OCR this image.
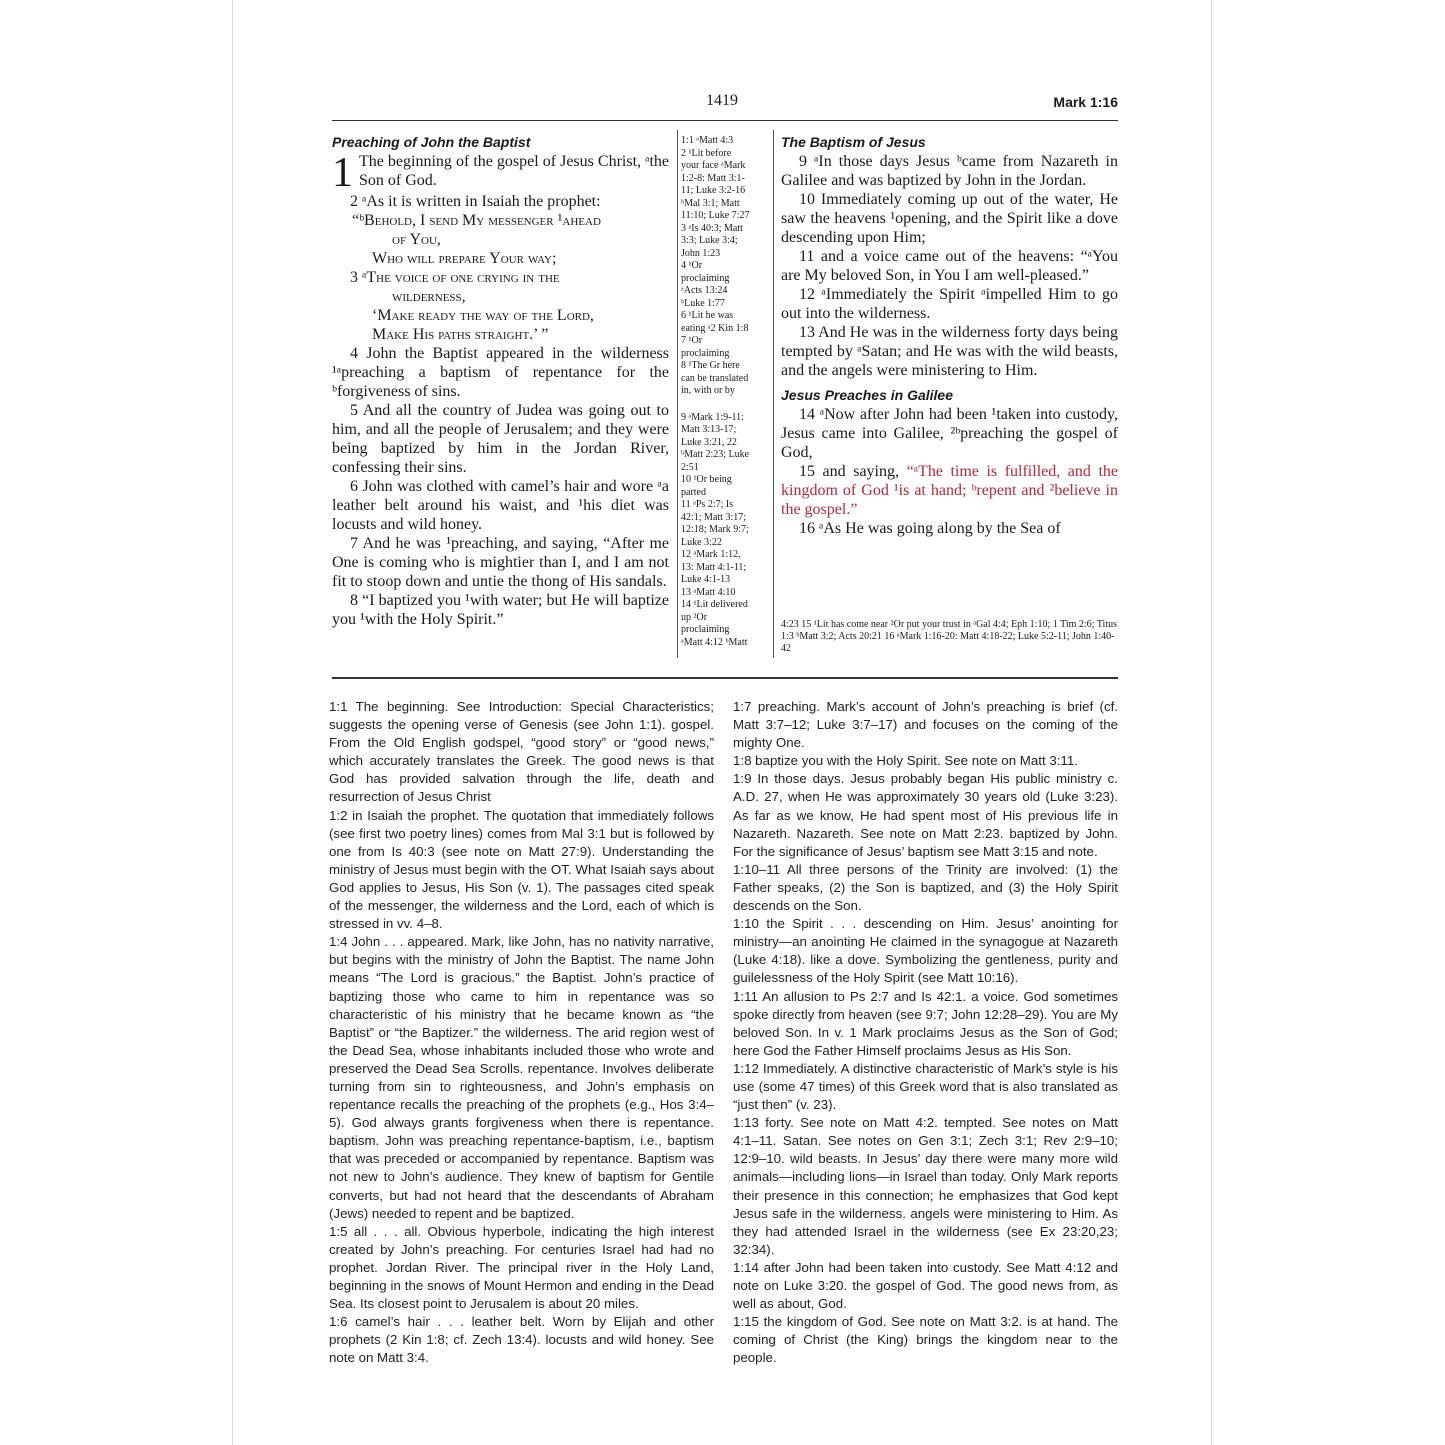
1419	Mark 1:16

Preaching of John the Baptist

1 The beginning of the gospel of Jesus Christ, ᵃthe Son of God.

2 ᵃAs it is written in Isaiah the prophet:

“ᵇBehold, I send My messenger ¹ahead

of You,

Who will prepare Your way;

3 ᵃThe voice of one crying in the

wilderness,

‘Make ready the way of the Lord,

Make His paths straight.’ ”

4 John the Baptist appeared in the wilderness ¹ᵃpreaching a baptism of repentance for the ᵇforgiveness of sins.

5 And all the country of Judea was going out to him, and all the people of Jerusalem; and they were being baptized by him in the Jordan River, confessing their sins.

6 John was clothed with camel’s hair and wore ᵃa leather belt around his waist, and ¹his diet was locusts and wild honey.

7 And he was ¹preaching, and saying, “After me One is coming who is mightier than I, and I am not fit to stoop down and untie the thong of His sandals.

8 “I baptized you ¹with water; but He will baptize you ¹with the Holy Spirit.”

1:1 ᵃMatt 4:3

2 ¹Lit before

your face ᵃMark

1:2-8: Matt 3:1-

11; Luke 3:2-16

ᵇMal 3:1; Matt

11:10; Luke 7:27

3 ᵃIs 40:3; Matt

3:3; Luke 3:4;

John 1:23

4 ¹Or

proclaiming

ᵃActs 13:24

ᵇLuke 1:77

6 ¹Lit he was

eating ᵃ2 Kin 1:8

7 ¹Or

proclaiming

8 ¹The Gr here

can be translated

in, with or by

9 ᵃMark 1:9-11:

Matt 3:13-17;

Luke 3:21, 22

ᵇMatt 2:23; Luke

2:51

10 ¹Or being

parted

11 ᵃPs 2:7; Is

42:1; Matt 3:17;

12:18; Mark 9:7;

Luke 3:22

12 ᵃMark 1:12,

13: Matt 4:1-11;

Luke 4:1-13

13 ᵃMatt 4:10

14 ¹Lit delivered

up ²Or

proclaiming

ᵃMatt 4:12 ᵇMatt

The Baptism of Jesus

9 ᵃIn those days Jesus ᵇcame from Nazareth in Galilee and was baptized by John in the Jordan.

10 Immediately coming up out of the water, He saw the heavens ¹opening, and the Spirit like a dove descending upon Him;

11 and a voice came out of the heavens: “ᵃYou are My beloved Son, in You I am well-pleased.”

12 ᵃImmediately the Spirit ᵃimpelled Him to go out into the wilderness.

13 And He was in the wilderness forty days being tempted by ᵃSatan; and He was with the wild beasts, and the angels were ministering to Him.

Jesus Preaches in Galilee

14 ᵃNow after John had been ¹taken into custody, Jesus came into Galilee, ²ᵇpreaching the gospel of God,

15 and saying, “ᵃThe time is fulfilled, and the kingdom of God ¹is at hand; ᵇrepent and ²believe in the gospel.”

16 ᵃAs He was going along by the Sea of

4:23 15 ¹Lit has come near ²Or put your trust in ᵃGal 4:4; Eph 1:10; 1 Tim 2:6; Titus 1:3 ᵇMatt 3:2; Acts 20:21 16 ᵃMark 1:16-20: Matt 4:18-22; Luke 5:2-11; John 1:40-42

1:1 The beginning. See Introduction: Special Characteristics; suggests the opening verse of Genesis (see John 1:1). gospel. From the Old English godspel, “good story” or “good news,” which accurately translates the Greek. The good news is that God has provided salvation through the life, death and resurrection of Jesus Christ

1:2 in Isaiah the prophet. The quotation that immediately follows (see first two poetry lines) comes from Mal 3:1 but is followed by one from Is 40:3 (see note on Matt 27:9). Understanding the ministry of Jesus must begin with the OT. What Isaiah says about God applies to Jesus, His Son (v. 1). The passages cited speak of the messenger, the wilderness and the Lord, each of which is stressed in vv. 4–8.

1:4 John . . . appeared. Mark, like John, has no nativity narrative, but begins with the ministry of John the Baptist. The name John means “The Lord is gracious.” the Baptist. John’s practice of baptizing those who came to him in repentance was so characteristic of his ministry that he became known as “the Baptist” or “the Baptizer.” the wilderness. The arid region west of the Dead Sea, whose inhabitants included those who wrote and preserved the Dead Sea Scrolls. repentance. Involves deliberate turning from sin to righteousness, and John’s emphasis on repentance recalls the preaching of the prophets (e.g., Hos 3:4–5). God always grants forgiveness when there is repentance. baptism. John was preaching repentance-baptism, i.e., baptism that was preceded or accompanied by repentance. Baptism was not new to John’s audience. They knew of baptism for Gentile converts, but had not heard that the descendants of Abraham (Jews) needed to repent and be baptized.

1:5 all . . . all. Obvious hyperbole, indicating the high interest created by John’s preaching. For centuries Israel had had no prophet. Jordan River. The principal river in the Holy Land, beginning in the snows of Mount Hermon and ending in the Dead Sea. Its closest point to Jerusalem is about 20 miles.

1:6 camel’s hair . . . leather belt. Worn by Elijah and other prophets (2 Kin 1:8; cf. Zech 13:4). locusts and wild honey. See note on Matt 3:4.

1:7 preaching. Mark’s account of John’s preaching is brief (cf. Matt 3:7–12; Luke 3:7–17) and focuses on the coming of the mighty One.

1:8 baptize you with the Holy Spirit. See note on Matt 3:11.

1:9 In those days. Jesus probably began His public ministry c. A.D. 27, when He was approximately 30 years old (Luke 3:23). As far as we know, He had spent most of His previous life in Nazareth. Nazareth. See note on Matt 2:23. baptized by John. For the significance of Jesus’ baptism see Matt 3:15 and note.

1:10–11 All three persons of the Trinity are involved: (1) the Father speaks, (2) the Son is baptized, and (3) the Holy Spirit descends on the Son.

1:10 the Spirit . . . descending on Him. Jesus’ anointing for ministry—an anointing He claimed in the synagogue at Nazareth (Luke 4:18). like a dove. Symbolizing the gentleness, purity and guilelessness of the Holy Spirit (see Matt 10:16).

1:11 An allusion to Ps 2:7 and Is 42:1. a voice. God sometimes spoke directly from heaven (see 9:7; John 12:28–29). You are My beloved Son. In v. 1 Mark proclaims Jesus as the Son of God; here God the Father Himself proclaims Jesus as His Son.

1:12 Immediately. A distinctive characteristic of Mark’s style is his use (some 47 times) of this Greek word that is also translated as “just then” (v. 23).

1:13 forty. See note on Matt 4:2. tempted. See notes on Matt 4:1–11. Satan. See notes on Gen 3:1; Zech 3:1; Rev 2:9–10; 12:9–10. wild beasts. In Jesus’ day there were many more wild animals—including lions—in Israel than today. Only Mark reports their presence in this connection; he emphasizes that God kept Jesus safe in the wilderness. angels were ministering to Him. As they had attended Israel in the wilderness (see Ex 23:20,23; 32:34).

1:14 after John had been taken into custody. See Matt 4:12 and note on Luke 3:20. the gospel of God. The good news from, as well as about, God.

1:15 the kingdom of God. See note on Matt 3:2. is at hand. The coming of Christ (the King) brings the kingdom near to the people.
